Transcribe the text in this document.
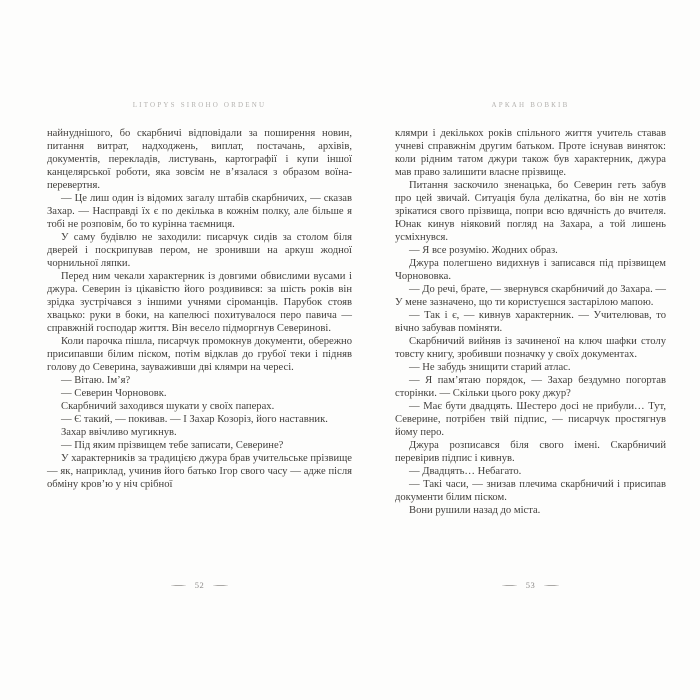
LITOPYS SIROHO ORDENU

найнуднішого, бо скарбничі відповідали за поширення новин, питання витрат, надходжень, виплат, постачань, архівів, документів, перекладів, листувань, картографії і купи іншої канцелярської роботи, яка зовсім не в’язалася з образом воїна-перевертня.

— Це лиш один із відомих загалу штабів скарбничих, — сказав Захар. — Насправді їх є по декілька в кожнім полку, але більше я тобі не розповім, бо то курінна таємниця.

У саму будівлю не заходили: писарчук сидів за столом біля дверей і поскрипував пером, не зронивши на аркуш жодної чорнильної ляпки.

Перед ним чекали характерник із довгими обвислими вусами і джура. Северин із цікавістю його роздивився: за шість років він зрідка зустрічався з іншими учнями сіроманців. Парубок стояв хвацько: руки в боки, на капелюсі похитувалося перо павича — справжній господар життя. Він весело підморгнув Северинові.

Коли парочка пішла, писарчук промокнув документи, обережно присипавши білим піском, потім відклав до грубої теки і підняв голову до Северина, зауваживши дві клямри на чересі.

— Вітаю. Ім’я?

— Северин Чорнововк.

Скарбничий заходився шукати у своїх паперах.

— Є такий, — покивав. — І Захар Козоріз, його наставник.

Захар ввічливо мугикнув.

— Під яким прізвищем тебе записати, Северине?

У характерників за традицією джура брав учительське прізвище — як, наприклад, учинив його батько Ігор свого часу — адже після обміну кров’ю у ніч срібної

52
АРКАН ВОВКІВ

клямри і декількох років спільного життя учитель ставав учневі справжнім другим батьком. Проте існував виняток: коли рідним татом джури також був характерник, джура мав право залишити власне прізвище.

Питання заскочило зненацька, бо Северин геть забув про цей звичай. Ситуація була делікатна, бо він не хотів зрікатися свого прізвища, попри всю вдячність до вчителя. Юнак кинув ніяковий погляд на Захара, а той лишень усміхнувся.

— Я все розумію. Жодних образ.

Джура полегшено видихнув і записався під прізвищем Чорнововка.

— До речі, брате, — звернувся скарбничий до Захара. — У мене зазначено, що ти користуєшся застарілою мапою.

— Так і є, — кивнув характерник. — Учителював, то вічно забував поміняти.

Скарбничий вийняв із зачиненої на ключ шафки столу товсту книгу, зробивши позначку у своїх документах.

— Не забудь знищити старий атлас.

— Я пам’ятаю порядок, — Захар бездумно погортав сторінки. — Скільки цього року джур?

— Має бути двадцять. Шестеро досі не прибули… Тут, Северине, потрібен твій підпис, — писарчук простягнув йому перо.

Джура розписався біля свого імені. Скарбничий перевірив підпис і кивнув.

— Двадцять… Небагато.

— Такі часи, — знизав плечима скарбничий і присипав документи білим піском.

Вони рушили назад до міста.

53
